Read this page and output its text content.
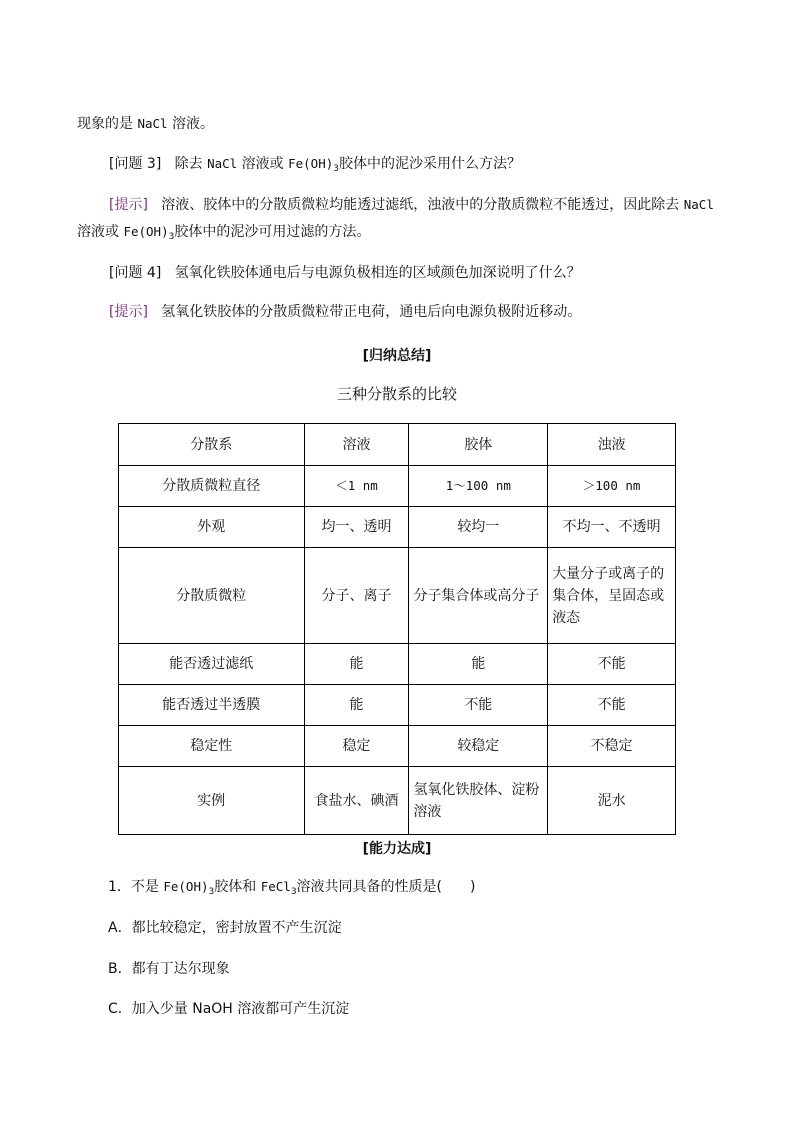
现象的是 NaCl 溶液。
[问题 3] 除去 NaCl 溶液或 $Fe(OH)_3$胶体中的泥沙采用什么方法？
[提示] 溶液、胶体中的分散质微粒均能透过滤纸，浊液中的分散质微粒不能透过，因此除去 NaCl
溶液或 $Fe(OH)_3$胶体中的泥沙可用过滤的方法。
[问题 4] 氢氧化铁胶体通电后与电源负极相连的区域颜色加深说明了什么？
[提示] 氢氧化铁胶体的分散质微粒带正电荷，通电后向电源负极附近移动。
[归纳总结]
三种分散系的比较
分散系	溶液	胶体	浊液
分散质微粒直径	＜1 nm	1～100 nm	＞100 nm
外观	均一、透明	较均一	不均一、不透明
分散质微粒	分子、离子	分子集合体或高分子	大量分子或离子的集合体，呈固态或液态
能否透过滤纸	能	能	不能
能否透过半透膜	能	不能	不能
稳定性	稳定	较稳定	不稳定
实例	食盐水、碘酒	氢氧化铁胶体、淀粉溶液	泥水
[能力达成]
1．不是 $Fe(OH)_3$胶体和 FeCl$_3$溶液共同具备的性质是(　　)
A．都比较稳定，密封放置不产生沉淀
B．都有丁达尔现象
C．加入少量 NaOH 溶液都可产生沉淀
